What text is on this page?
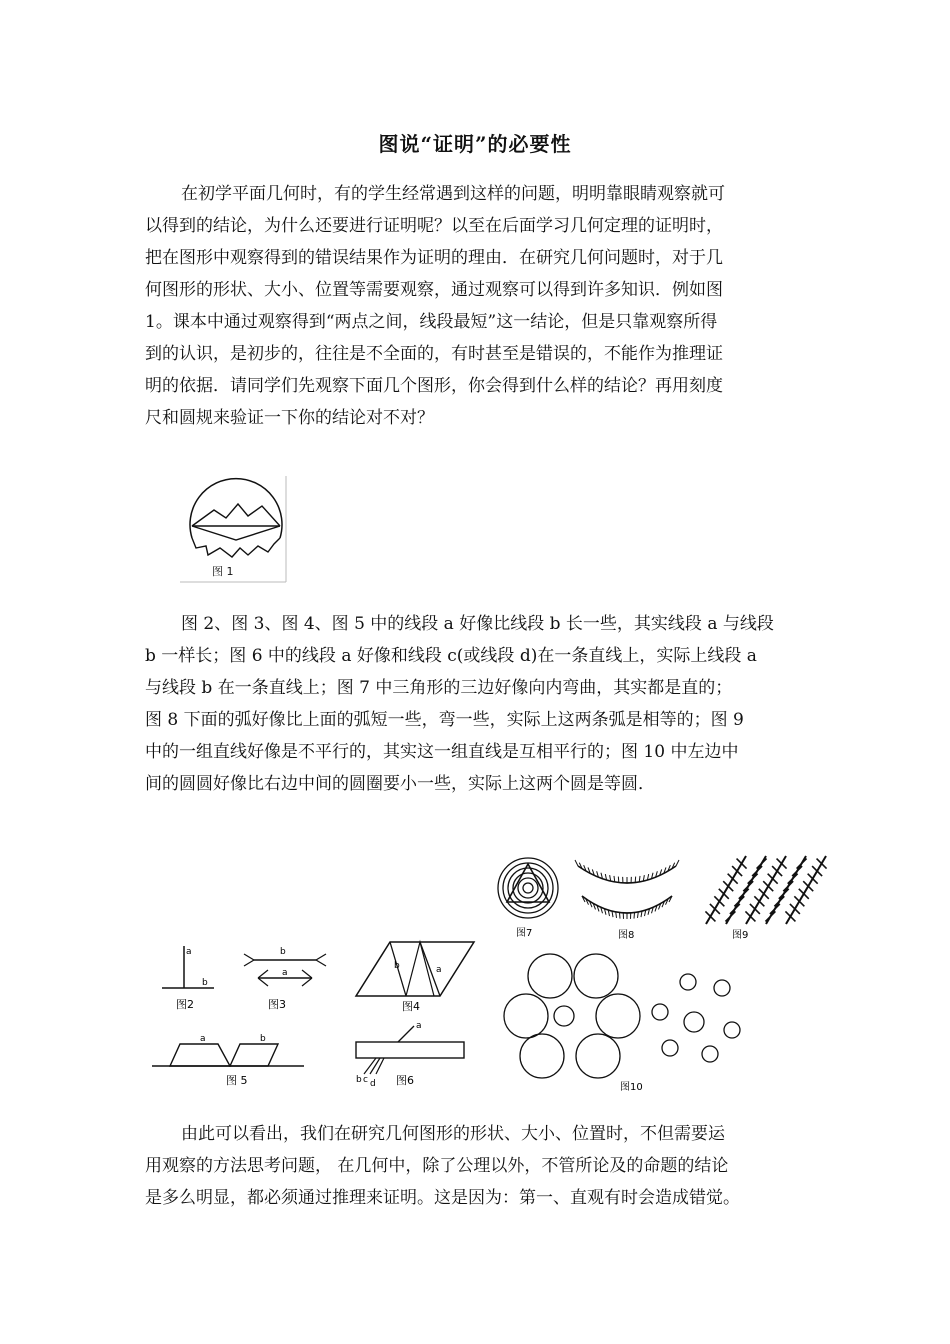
图说“证明”的必要性

在初学平面几何时，有的学生经常遇到这样的问题，明明靠眼睛观察就可
以得到的结论，为什么还要进行证明呢？以至在后面学习几何定理的证明时，
把在图形中观察得到的错误结果作为证明的理由．在研究几何问题时，对于几
何图形的形状、大小、位置等需要观察，通过观察可以得到许多知识．例如图
1。课本中通过观察得到“两点之间，线段最短”这一结论，但是只靠观察所得
到的认识，是初步的，往往是不全面的，有时甚至是错误的，不能作为推理证
明的依据．请同学们先观察下面几个图形，你会得到什么样的结论？再用刻度
尺和圆规来验证一下你的结论对不对？

图 1

图 2、图 3、图 4、图 5 中的线段 a 好像比线段 b 长一些，其实线段 a 与线段
b 一样长；图 6 中的线段 a 好像和线段 c(或线段 d)在一条直线上，实际上线段 a
与线段 b 在一条直线上；图 7 中三角形的三边好像向内弯曲，其实都是直的；
图 8 下面的弧好像比上面的弧短一些，弯一些，实际上这两条弧是相等的；图 9
中的一组直线好像是不平行的，其实这一组直线是互相平行的；图 10 中左边中
间的圆圆好像比右边中间的圆圈要小一些，实际上这两个圆是等圆．

a
b
图2
b
a
图3
b	a
图4
a	b
图 5
a
b c d 图6
图7	图8	图9
图10

由此可以看出，我们在研究几何图形的形状、大小、位置时，不但需要运
用观察的方法思考问题， 在几何中，除了公理以外，不管所论及的命题的结论
是多么明显，都必须通过推理来证明。这是因为：第一、直观有时会造成错觉。
